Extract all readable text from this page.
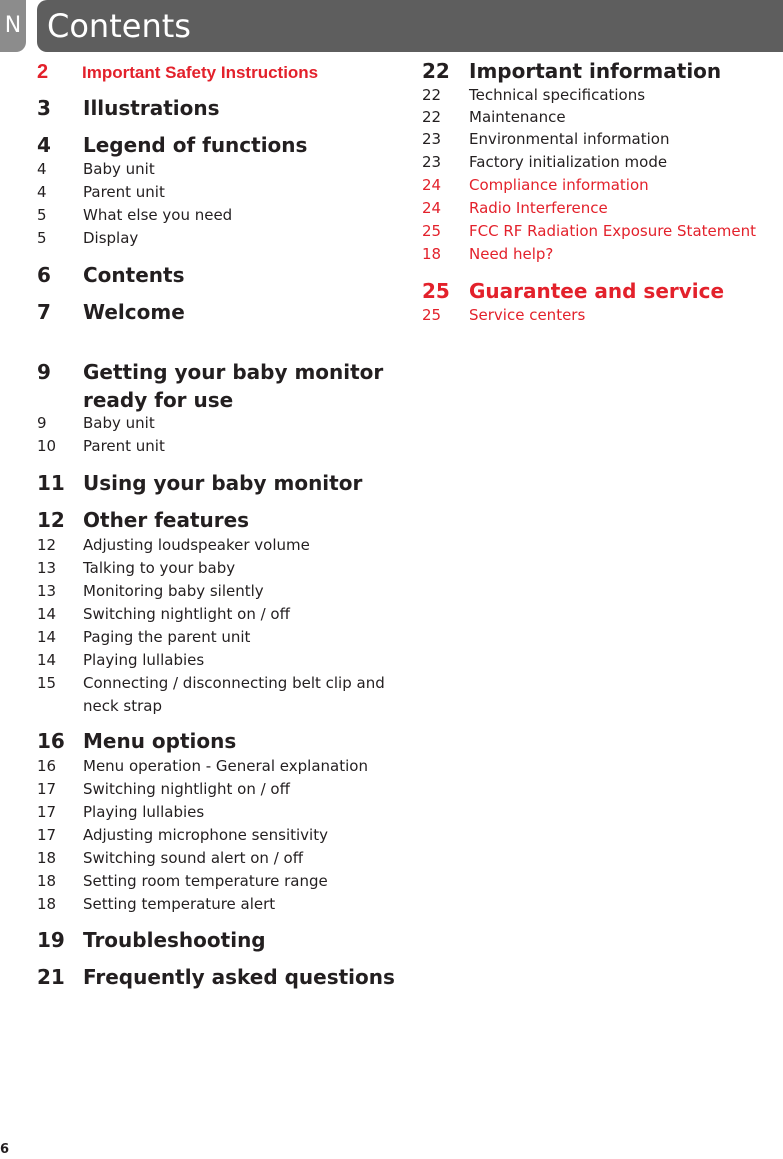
N Contents
2 Important Safety Instructions
3 Illustrations
4 Legend of functions
4 Baby unit
4 Parent unit
5 What else you need
5 Display
6 Contents
7 Welcome
9 Getting your baby monitor
ready for use
9 Baby unit
10 Parent unit
11 Using your baby monitor
12 Other features
12 Adjusting loudspeaker volume
13 Talking to your baby
13 Monitoring baby silently
14 Switching nightlight on / off
14 Paging the parent unit
14 Playing lullabies
15 Connecting / disconnecting belt clip and
neck strap
16 Menu options
16 Menu operation - General explanation
17 Switching nightlight on / off
17 Playing lullabies
17 Adjusting microphone sensitivity
18 Switching sound alert on / off
18 Setting room temperature range
18 Setting temperature alert
19 Troubleshooting
21 Frequently asked questions
22 Important information
22 Technical specifications
22 Maintenance
23 Environmental information
23 Factory initialization mode
24 Compliance information
24 Radio Interference
25 FCC RF Radiation Exposure Statement
18 Need help?
25 Guarantee and service
25 Service centers
6
